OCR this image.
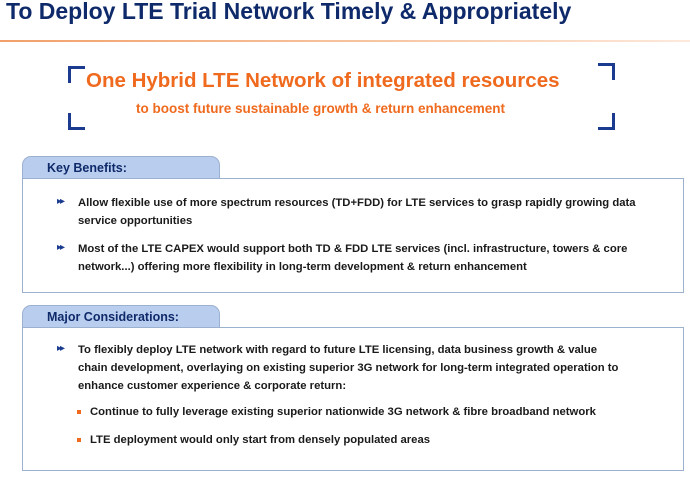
To Deploy LTE Trial Network Timely & Appropriately
One Hybrid LTE Network of integrated resources
to boost future sustainable growth & return enhancement
Key Benefits:
▸▸ Allow flexible use of more spectrum resources (TD+FDD) for LTE services to grasp rapidly growing data
service opportunities
▸▸ Most of the LTE CAPEX would support both TD & FDD LTE services (incl. infrastructure, towers & core
network...) offering more flexibility in long-term development & return enhancement
Major Considerations:
▸▸ To flexibly deploy LTE network with regard to future LTE licensing, data business growth & value
chain development, overlaying on existing superior 3G network for long-term integrated operation to
enhance customer experience & corporate return:
Continue to fully leverage existing superior nationwide 3G network & fibre broadband network
LTE deployment would only start from densely populated areas
